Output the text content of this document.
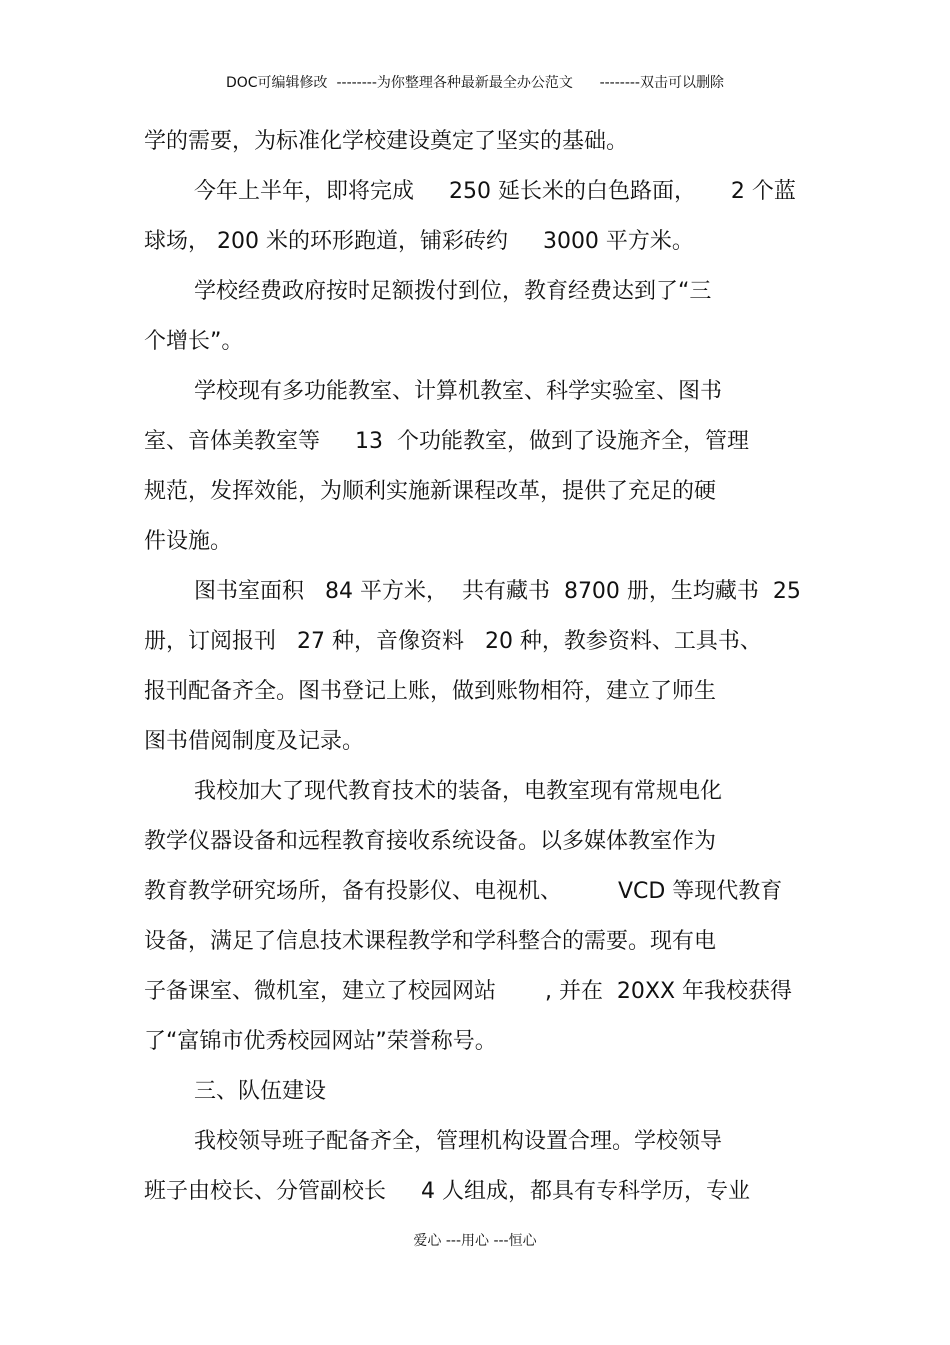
DOC可编辑修改  --------为你整理各种最新最全办公范文      --------双击可以删除
学的需要，为标准化学校建设奠定了坚实的基础。
今年上半年，即将完成     250 延长米的白色路面，     2 个蓝
球场， 200 米的环形跑道，铺彩砖约     3000 平方米。
学校经费政府按时足额拨付到位，教育经费达到了“三
个增长”。
学校现有多功能教室、计算机教室、科学实验室、图书
室、音体美教室等     13  个功能教室，做到了设施齐全，管理
规范，发挥效能，为顺利实施新课程改革，提供了充足的硬
件设施。
图书室面积   84 平方米，  共有藏书  8700 册，生均藏书  25
册，订阅报刊   27 种，音像资料   20 种，教参资料、工具书、
报刊配备齐全。图书登记上账，做到账物相符，建立了师生
图书借阅制度及记录。
我校加大了现代教育技术的装备，电教室现有常规电化
教学仪器设备和远程教育接收系统设备。以多媒体教室作为
教育教学研究场所，备有投影仪、电视机、        VCD 等现代教育
设备，满足了信息技术课程教学和学科整合的需要。现有电
子备课室、微机室，建立了校园网站       , 并在  20XX 年我校获得
了“富锦市优秀校园网站”荣誉称号。
三、队伍建设
我校领导班子配备齐全，管理机构设置合理。学校领导
班子由校长、分管副校长     4 人组成，都具有专科学历，专业
爱心 ---用心 ---恒心
